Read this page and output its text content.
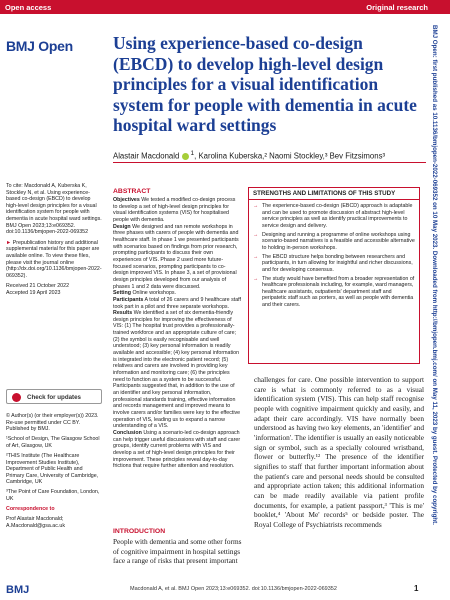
Open access	Original research
BMJ Open Using experience-based co-design (EBCD) to develop high-level design principles for a visual identification system for people with dementia in acute hospital ward settings
Alastair Macdonald $^1$, Karolina Kuberska,² Naomi Stockley,³ Bev Fitzsimons³

To cite: Macdonald A, Kuberska K, Stockley N, et al. Using experience-based co-design (EBCD) to develop high-level design principles for a visual identification system for people with dementia in acute hospital ward settings. BMJ Open 2023;13:e069352. doi:10.1136/bmjopen-2022-069352

► Prepublication history and additional supplemental material for this paper are available online. To view these files, please visit the journal online (http://dx.doi.org/10.1136/bmjopen-2022-069352).

Received 21 October 2022
Accepted 19 April 2023

Check for updates

© Author(s) (or their employer(s)) 2023. Re-use permitted under CC BY. Published by BMJ.

¹School of Design, The Glasgow School of Art, Glasgow, UK

²THIS Institute (The Healthcare Improvement Studies Institute), Department of Public Health and Primary Care, University of Cambridge, Cambridge, UK

³The Point of Care Foundation, London, UK

Correspondence to

Prof Alastair Macdonald; A.Macdonald@gsa.ac.uk

ABSTRACT
Objectives We tested a modified co-design process to develop a set of high-level design principles for visual identification systems (VIS) for hospitalised people with dementia.
Design We designed and ran remote workshops in three phases with carers of people with dementia and healthcare staff. In phase 1 we presented participants with scenarios based on findings from prior research, prompting participants to discuss their own experiences of VIS. Phase 2 used more future-focused scenarios, prompting participants to co-design improved VIS. In phase 3, a set of provisional design principles developed from our analysis of phases 1 and 2 data were discussed.
Setting Online workshops.
Participants A total of 26 carers and 9 healthcare staff took part in a pilot and three separate workshops.
Results We identified a set of six dementia-friendly design principles for improving the effectiveness of VIS: (1) The hospital trust provides a professionally-trained workforce and an appropriate culture of care; (2) the symbol is easily recognisable and well understood; (3) key personal information is readily available and accessible; (4) key personal information is integrated into the electronic patient record; (5) relatives and carers are involved in providing key information and monitoring care; (6) the principles need to function as a system to be successful. Participants suggested that, in addition to the use of an identifier and key personal information, professional standards training, effective information and records management and improved means to involve carers and/or families were key to the effective operation of VIS, leading us to expand a narrow understanding of a VIS.
Conclusion Using a scenario-led co-design approach can help trigger useful discussions with staff and carer groups, identify current problems with VIS and develop a set of high-level design principles for their improvement. These principles reveal day-to-day frictions that require further attention and resolution.
INTRODUCTION
People with dementia and some other forms of cognitive impairment in hospital settings face a range of risks that present important
STRENGTHS AND LIMITATIONS OF THIS STUDY
→ The experience-based co-design (EBCD) approach is adaptable and can be used to promote discussion of abstract high-level service principles as well as identify practical improvements to service design and delivery.
→ Designing and running a programme of online workshops using scenario-based narratives is a feasible and accessible alternative to holding in-person workshops.
→ The EBCD structure helps bonding between researchers and participants, in turn allowing for insightful and richer discussions, and for developing consensus.
→ The study would have benefited from a broader representation of healthcare professionals including, for example, ward managers, healthcare assistants, outpatients' department staff and peripatetic staff such as porters, as well as people with dementia and their carers.
challenges for care. One possible intervention to support care is what is commonly referred to as a visual identification system (VIS). This can help staff recognise people with cognitive impairment quickly and easily, and adapt their care accordingly. VIS have normally been understood as having two key elements, an 'identifier' and 'information'. The identifier is usually an easily noticeable sign or symbol, such as a specially coloured wristband, flower or butterfly.¹² The presence of the identifier signifies to staff that further important information about the patient's care and personal needs should be consulted and appropriate action taken; this additional information can be made readily available via patient profile documents, for example, a patient passport,³ 'This is me' booklet,⁴ 'About Me' records⁵ or bedside poster. The Royal College of Psychiatrists recommends	BMJ Open: first published as 10.1136/bmjopen-2022-069352 on 10 May 2023. Downloaded from http://bmjopen.bmj.com/ on May 11, 2023 by guest. Protected by copyright.
BMJ	Macdonald A, et al. BMJ Open 2023;13:e069352. doi:10.1136/bmjopen-2022-069352	1
